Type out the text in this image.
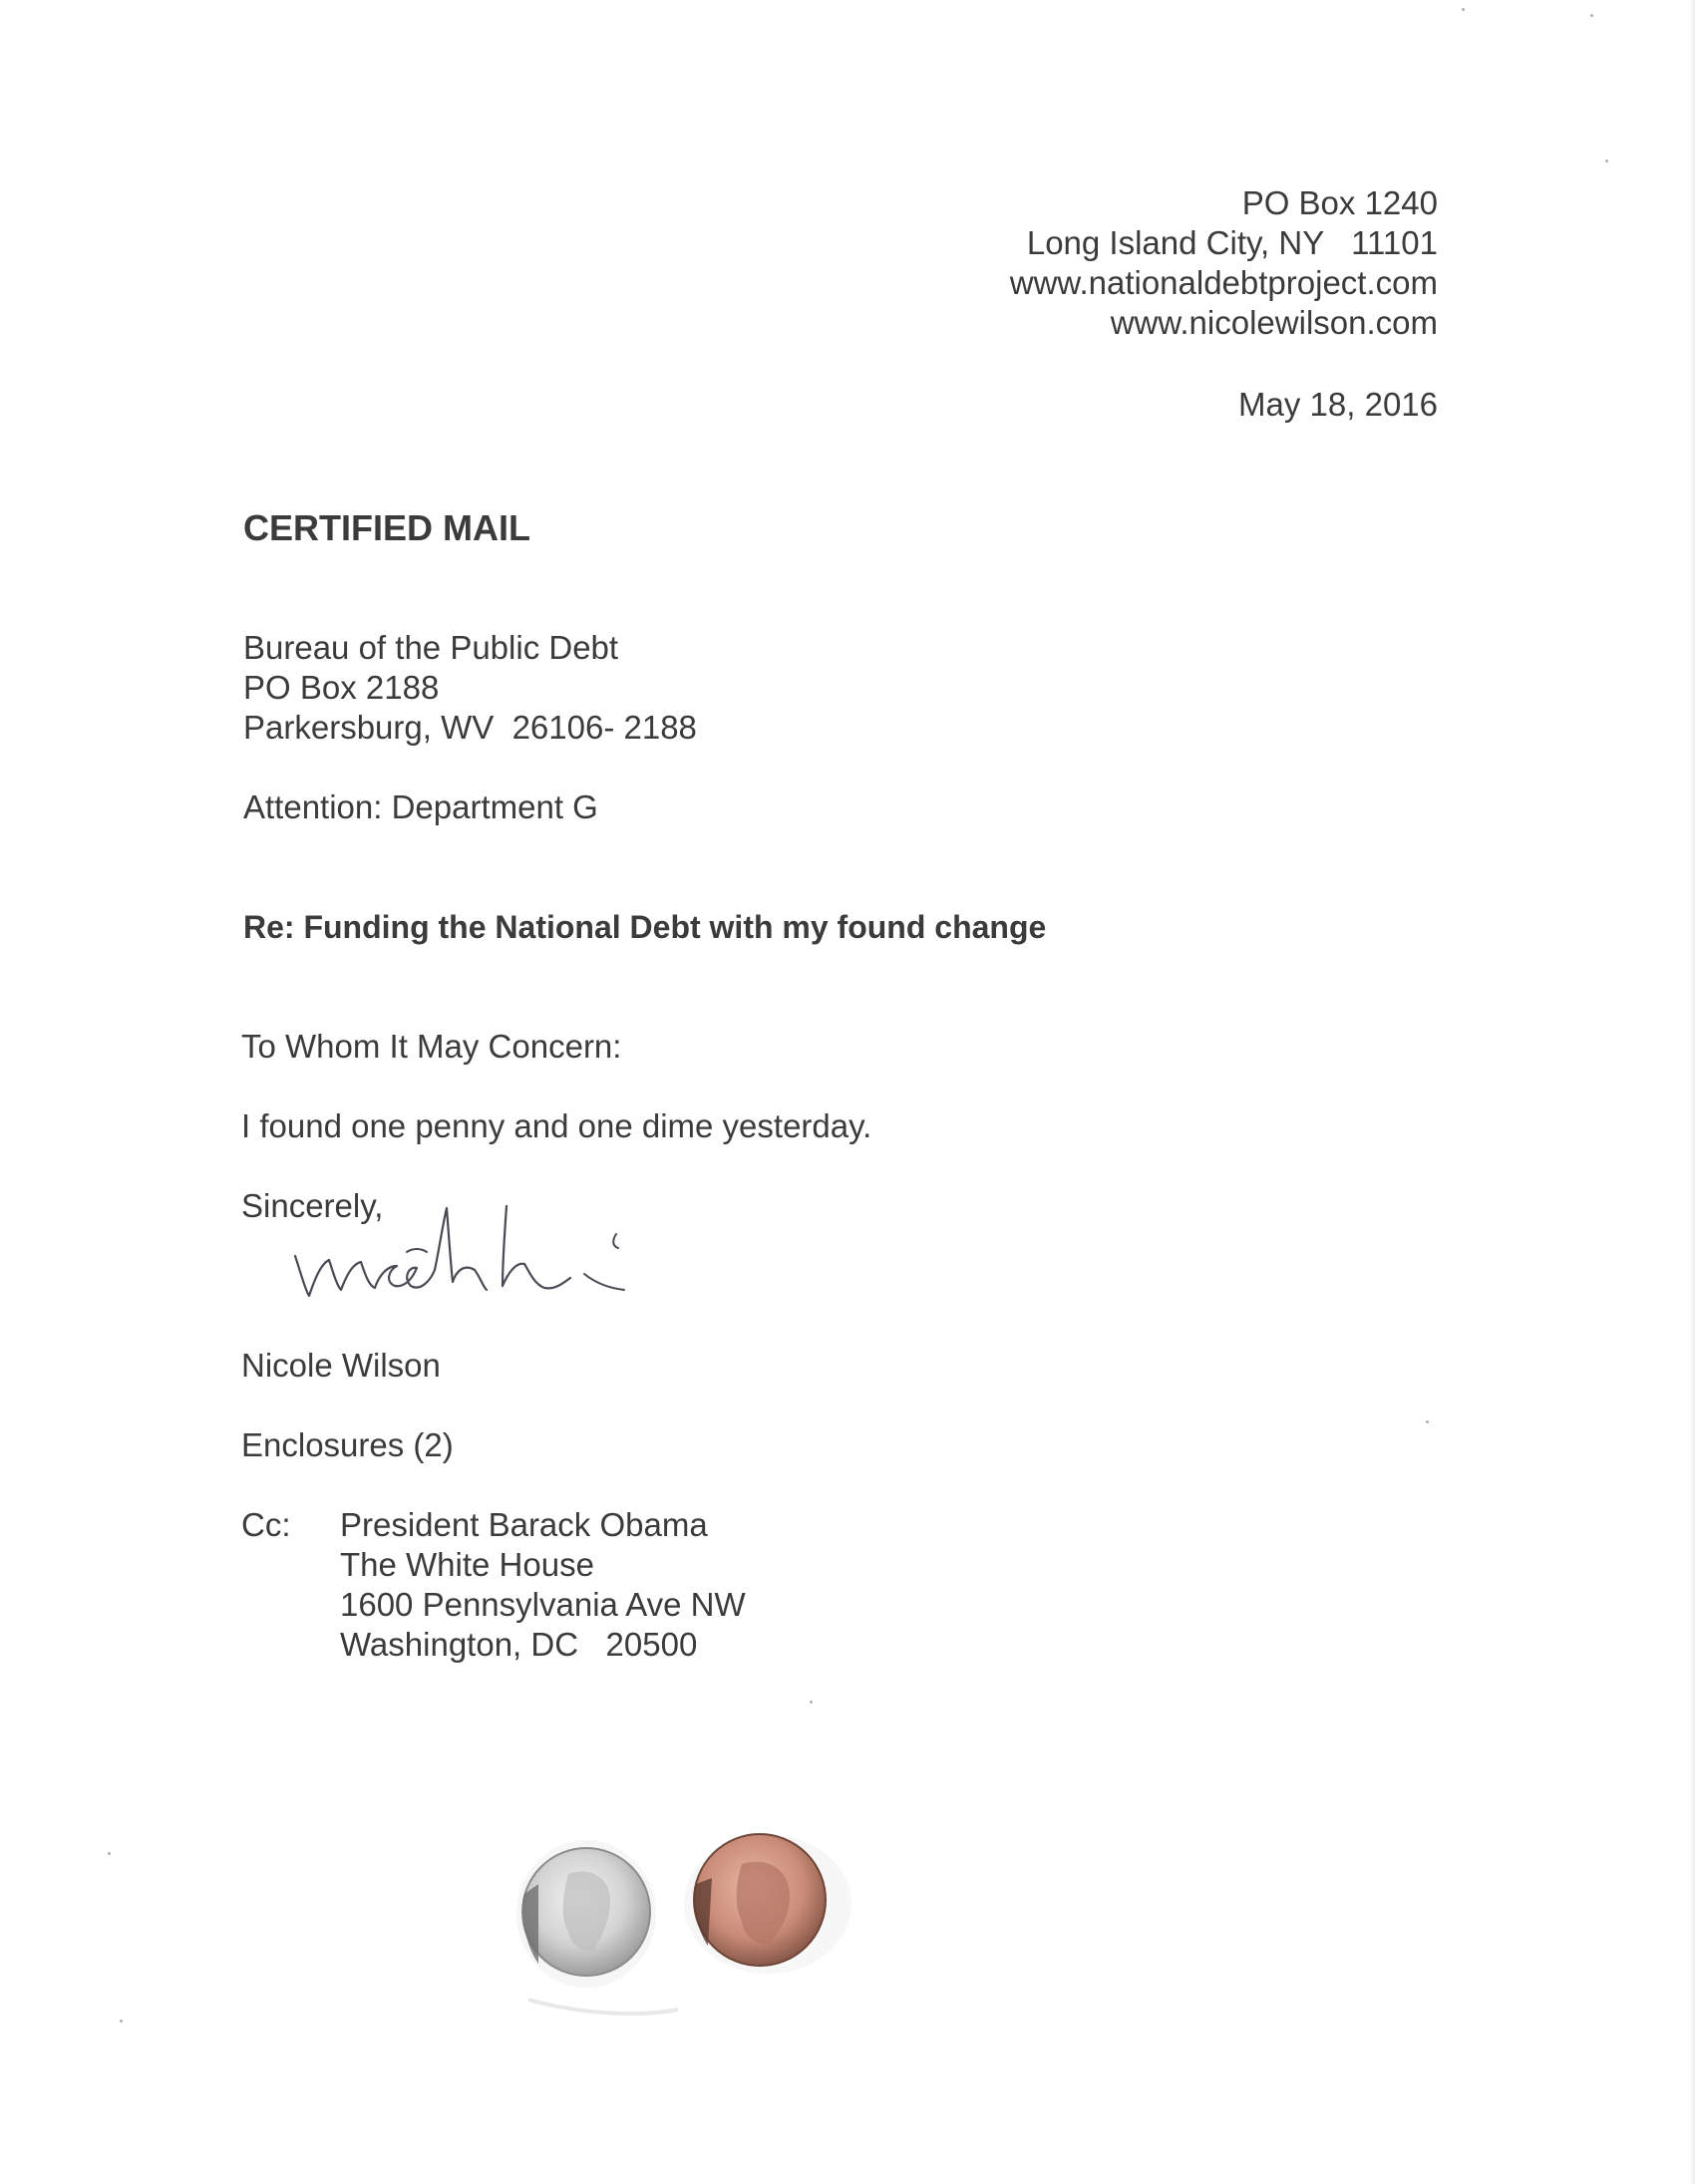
PO Box 1240
Long Island City, NY   11101
www.nationaldebtproject.com
www.nicolewilson.com
May 18, 2016
CERTIFIED MAIL
Bureau of the Public Debt
PO Box 2188
Parkersburg, WV  26106- 2188
Attention: Department G
Re: Funding the National Debt with my found change
To Whom It May Concern:
I found one penny and one dime yesterday.
Sincerely,
Nicole Wilson
Enclosures (2)
Cc: President Barack Obama
The White House
1600 Pennsylvania Ave NW
Washington, DC   20500
